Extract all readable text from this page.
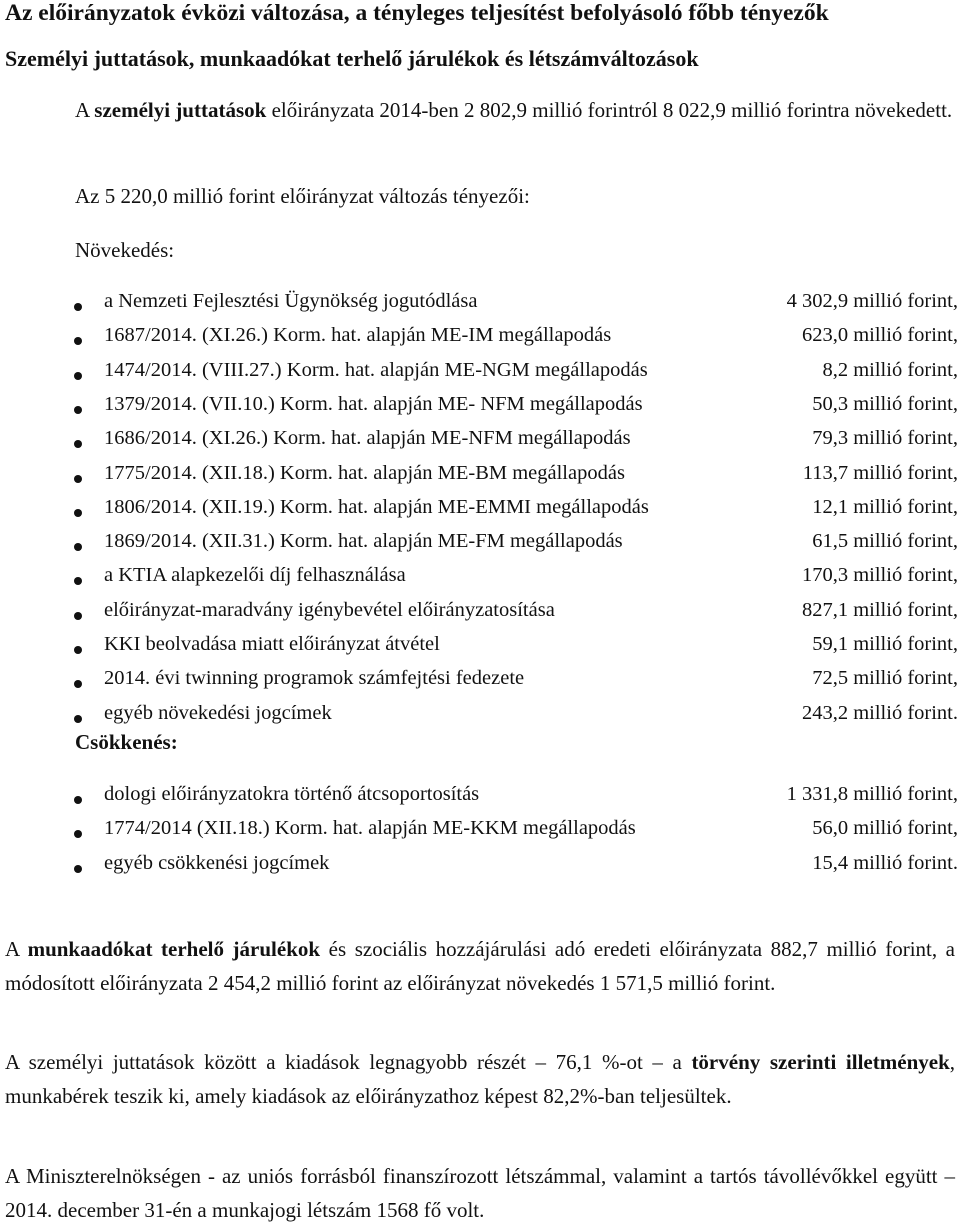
Az előirányzatok évközi változása, a tényleges teljesítést befolyásoló főbb tényezők
Személyi juttatások, munkaadókat terhelő járulékok és létszámváltozások
A személyi juttatások előirányzata 2014-ben 2 802,9 millió forintról 8 022,9 millió forintra növekedett.
Az 5 220,0 millió forint előirányzat változás tényezői:
Növekedés:
a Nemzeti Fejlesztési Ügynökség jogutódlása	4 302,9 millió forint,
1687/2014. (XI.26.) Korm. hat. alapján ME-IM megállapodás	623,0 millió forint,
1474/2014. (VIII.27.) Korm. hat. alapján ME-NGM megállapodás	8,2 millió forint,
1379/2014. (VII.10.) Korm. hat. alapján ME- NFM megállapodás	50,3 millió forint,
1686/2014. (XI.26.) Korm. hat. alapján ME-NFM megállapodás	79,3 millió forint,
1775/2014. (XII.18.) Korm. hat. alapján ME-BM megállapodás	113,7 millió forint,
1806/2014. (XII.19.) Korm. hat. alapján ME-EMMI megállapodás	12,1 millió forint,
1869/2014. (XII.31.) Korm. hat. alapján ME-FM megállapodás	61,5 millió forint,
a KTIA alapkezelői díj felhasználása	170,3 millió forint,
előirányzat-maradvány igénybevétel előirányzatosítása	827,1 millió forint,
KKI beolvadása miatt előirányzat átvétel	59,1 millió forint,
2014. évi twinning programok számfejtési fedezete	72,5 millió forint,
egyéb növekedési jogcímek	243,2 millió forint.
Csökkenés:
dologi előirányzatokra történő átcsoportosítás	1 331,8 millió forint,
1774/2014 (XII.18.) Korm. hat. alapján ME-KKM megállapodás	56,0 millió forint,
egyéb csökkenési jogcímek	15,4 millió forint.
A munkaadókat terhelő járulékok és szociális hozzájárulási adó eredeti előirányzata 882,7 millió forint, a módosított előirányzata 2 454,2 millió forint az előirányzat növekedés 1 571,5 millió forint.
A személyi juttatások között a kiadások legnagyobb részét – 76,1 %-ot – a törvény szerinti illetmények, munkabérek teszik ki, amely kiadások az előirányzathoz képest 82,2%-ban teljesültek.
A Miniszterelnökségen - az uniós forrásból finanszírozott létszámmal, valamint a tartós távollévőkkel együtt – 2014. december 31-én a munkajogi létszám 1568 fő volt.
